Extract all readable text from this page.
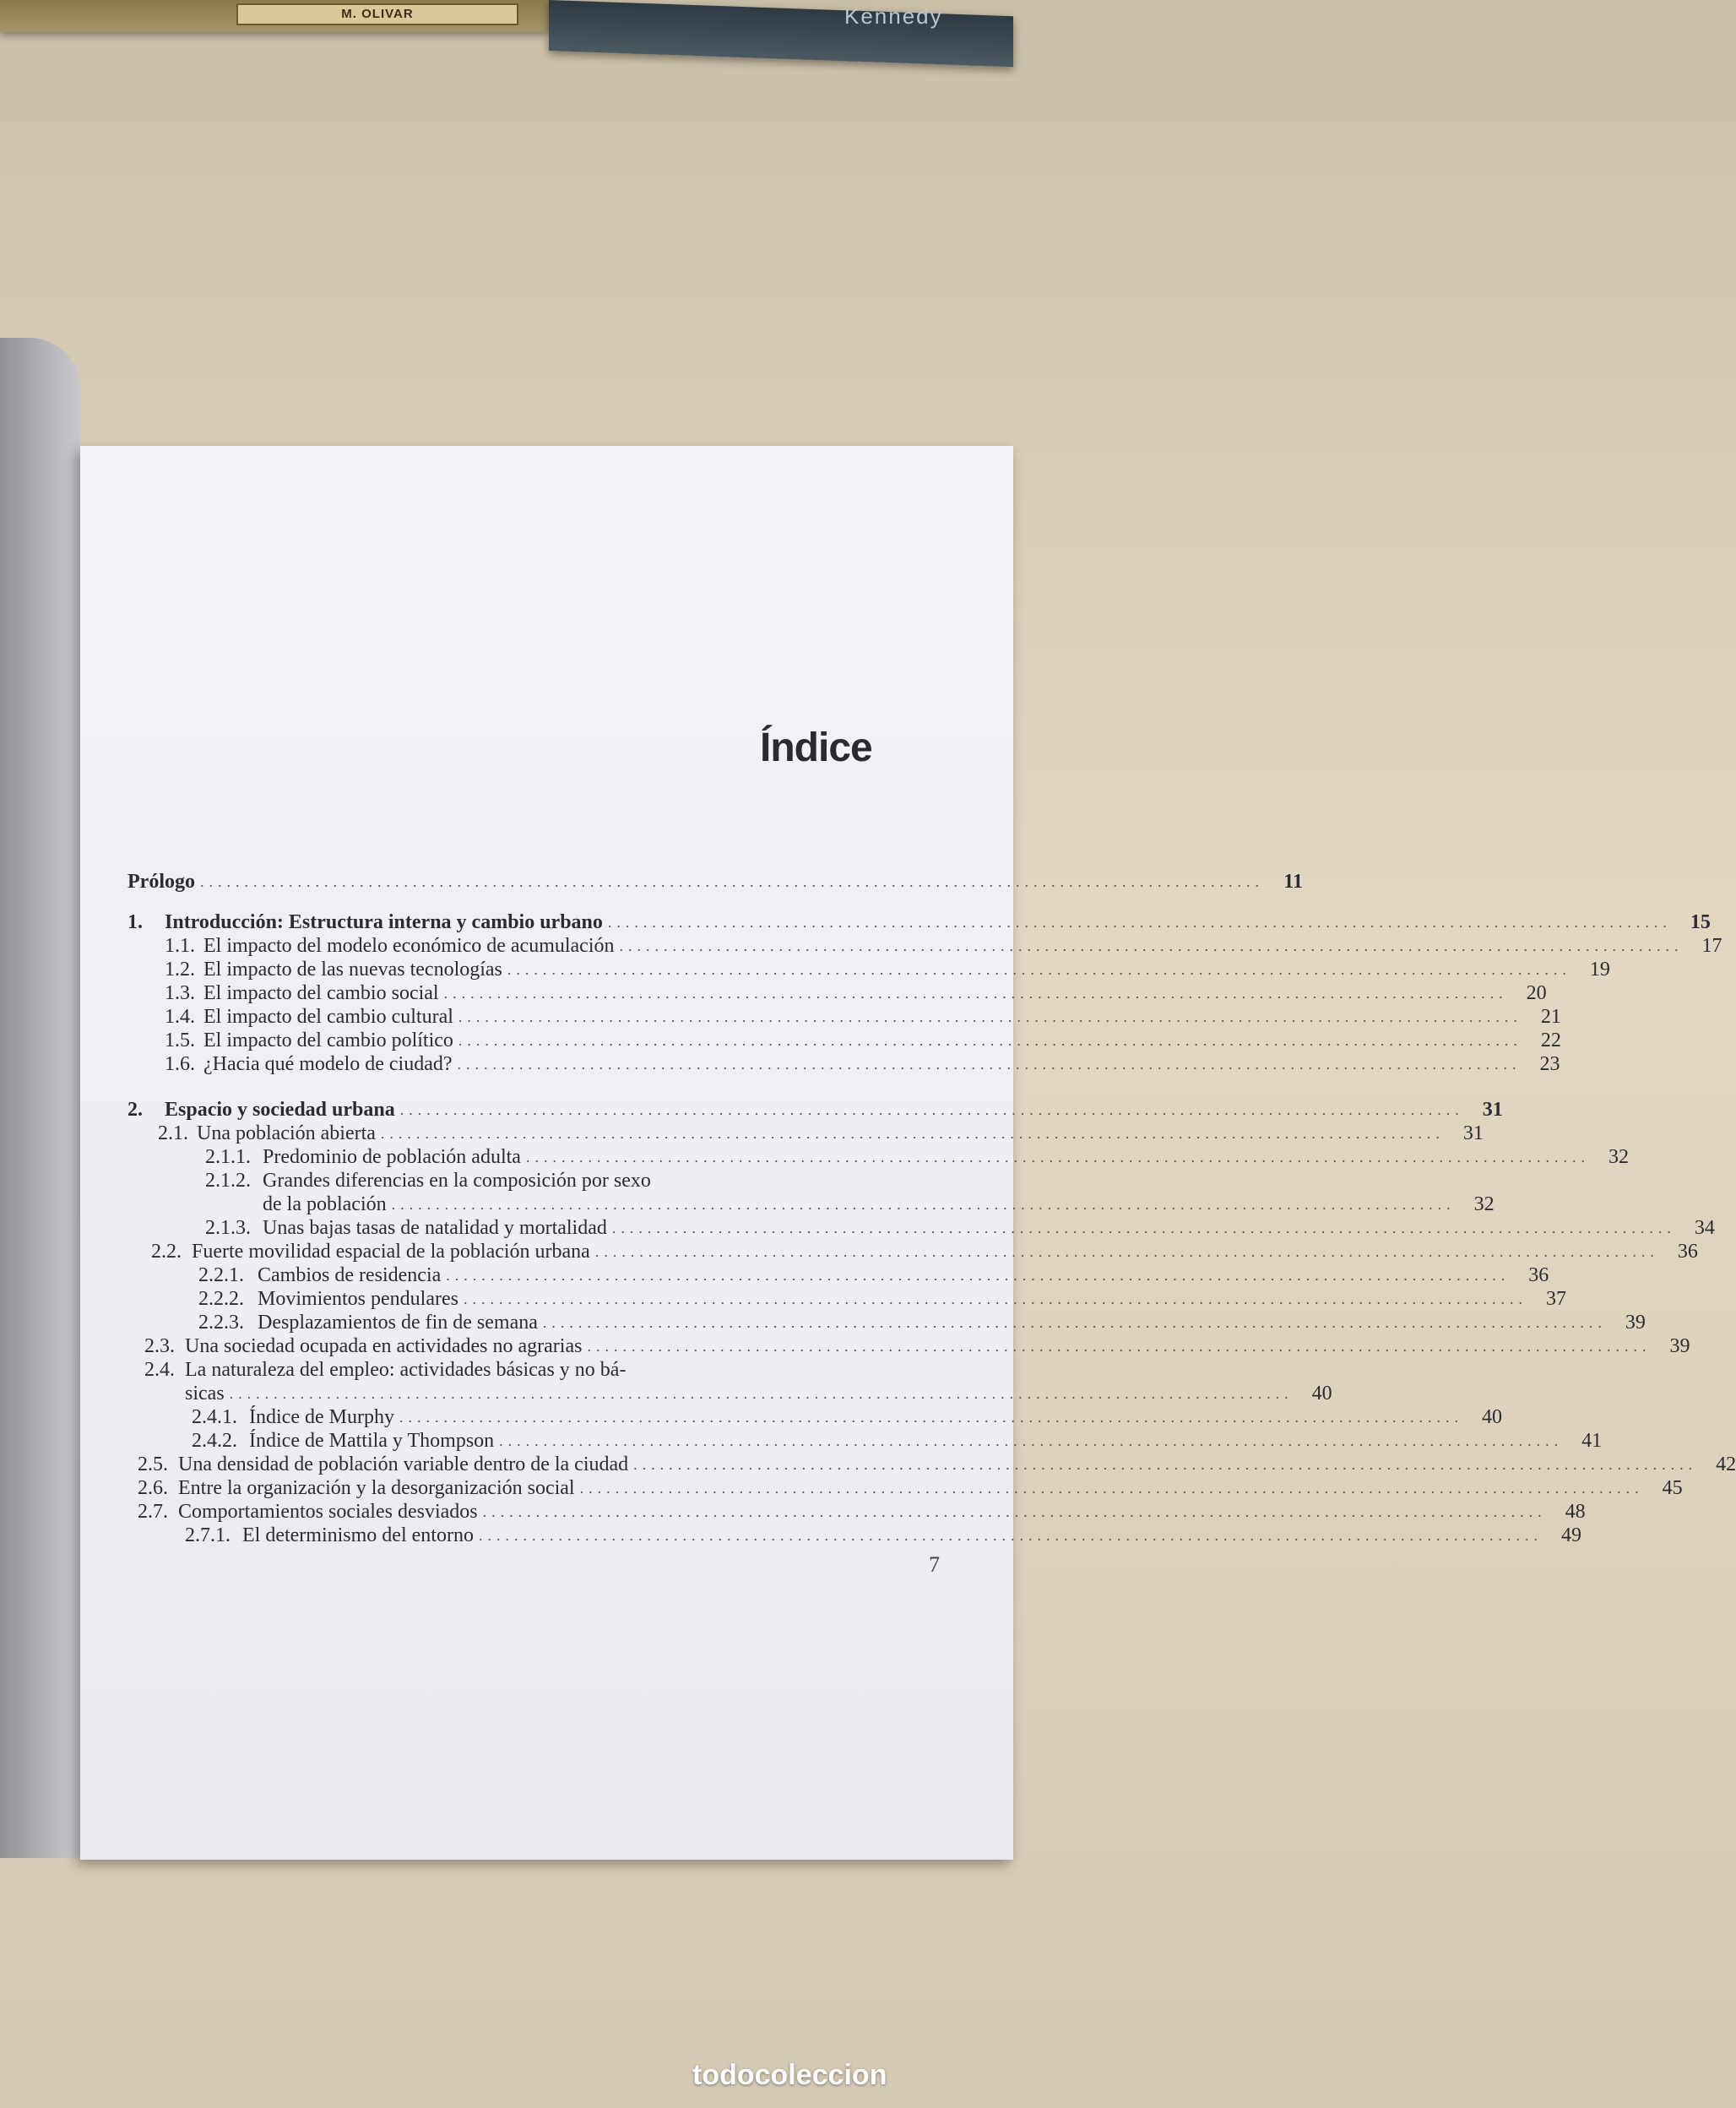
M. OLIVAR	Kennedy
Índice
Prólogo ........................................................................................................................ 11
1.	Introducción: Estructura interna y cambio urbano ........................................................................................................................ 15
1.1. El impacto del modelo económico de acumulación ........................................................................................................................ 17
1.2. El impacto de las nuevas tecnologías ........................................................................................................................ 19
1.3. El impacto del cambio social ........................................................................................................................ 20
1.4. El impacto del cambio cultural ........................................................................................................................ 21
1.5. El impacto del cambio político ........................................................................................................................ 22
1.6. ¿Hacia qué modelo de ciudad? ........................................................................................................................ 23
2.	Espacio y sociedad urbana ........................................................................................................................ 31
2.1. Una población abierta ........................................................................................................................ 31
2.1.1. Predominio de población adulta ........................................................................................................................ 32
2.1.2. Grandes diferencias en la composición por sexo
de la población ........................................................................................................................ 32
2.1.3. Unas bajas tasas de natalidad y mortalidad ........................................................................................................................ 34
2.2. Fuerte movilidad espacial de la población urbana ........................................................................................................................ 36
2.2.1. Cambios de residencia ........................................................................................................................ 36
2.2.2. Movimientos pendulares ........................................................................................................................ 37
2.2.3. Desplazamientos de fin de semana ........................................................................................................................ 39
2.3. Una sociedad ocupada en actividades no agrarias ........................................................................................................................ 39
2.4. La naturaleza del empleo: actividades básicas y no bá-
sicas ........................................................................................................................ 40
2.4.1. Índice de Murphy ........................................................................................................................ 40
2.4.2. Índice de Mattila y Thompson ........................................................................................................................ 41
2.5. Una densidad de población variable dentro de la ciudad ........................................................................................................................ 42
2.6. Entre la organización y la desorganización social ........................................................................................................................ 45
2.7. Comportamientos sociales desviados ........................................................................................................................ 48
2.7.1. El determinismo del entorno ........................................................................................................................ 49
7
todocoleccion
